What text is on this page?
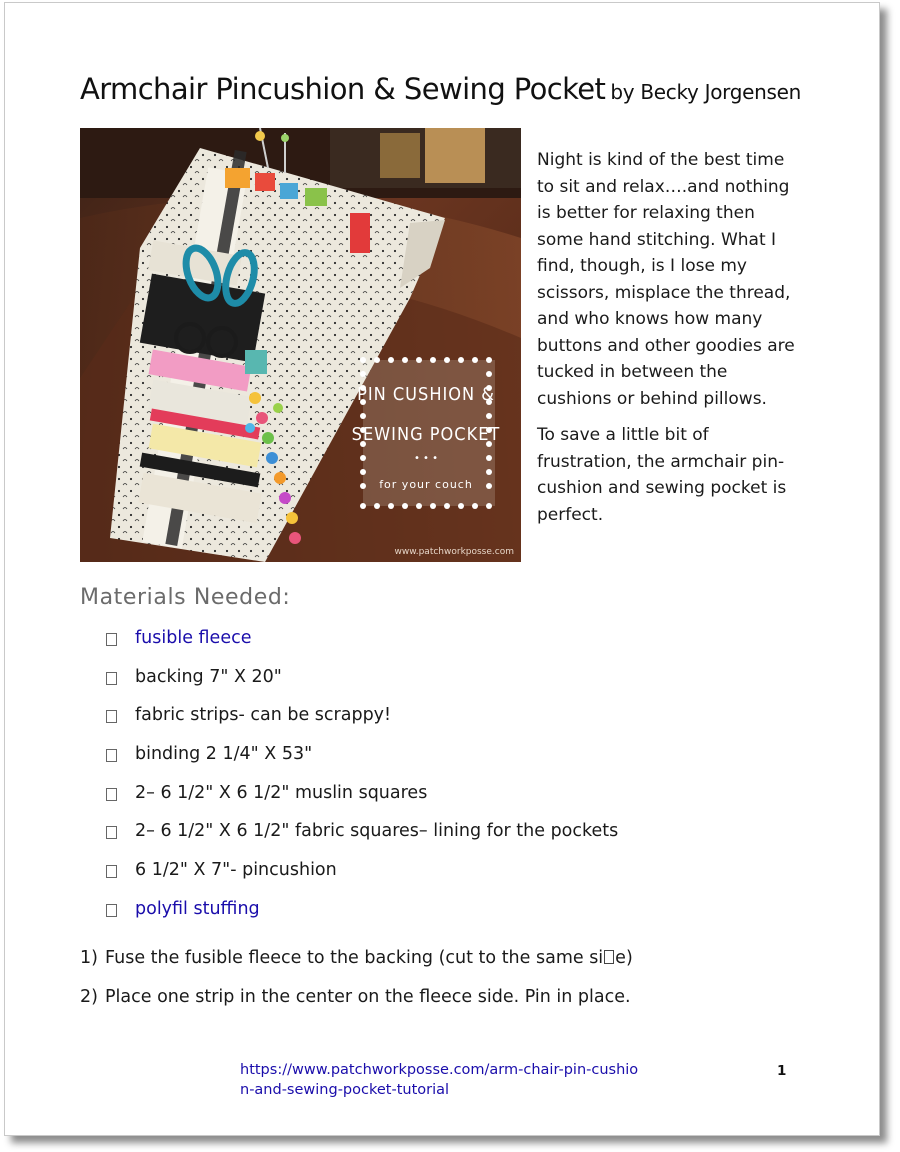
Armchair Pincushion & Sewing Pocket by Becky Jorgensen
PIN CUSHION &
SEWING POCKET
• • •
for your couch
www.patchworkposse.com

Night is kind of the best time to sit and relax….and nothing is better for relaxing then some hand stitching. What I find, though, is I lose my scissors, misplace the thread, and who knows how many buttons and other goodies are tucked in between the cushions or behind pillows.

To save a little bit of frustration, the armchair pin-cushion and sewing pocket is perfect.

Materials Needed:
fusible fleece
backing 7" X 20"
fabric strips- can be scrappy!
binding 2 1/4" X 53"
2– 6 1/2" X 6 1/2" muslin squares
2– 6 1/2" X 6 1/2" fabric squares– lining for the pockets
6 1/2" X 7"- pincushion
polyfil stuffing
1) Fuse the fusible fleece to the backing (cut to the same si e)
2) Place one strip in the center on the fleece side. Pin in place.
https://www.patchworkposse.com/arm-chair-pin-cushion-and-sewing-pocket-tutorial
1
